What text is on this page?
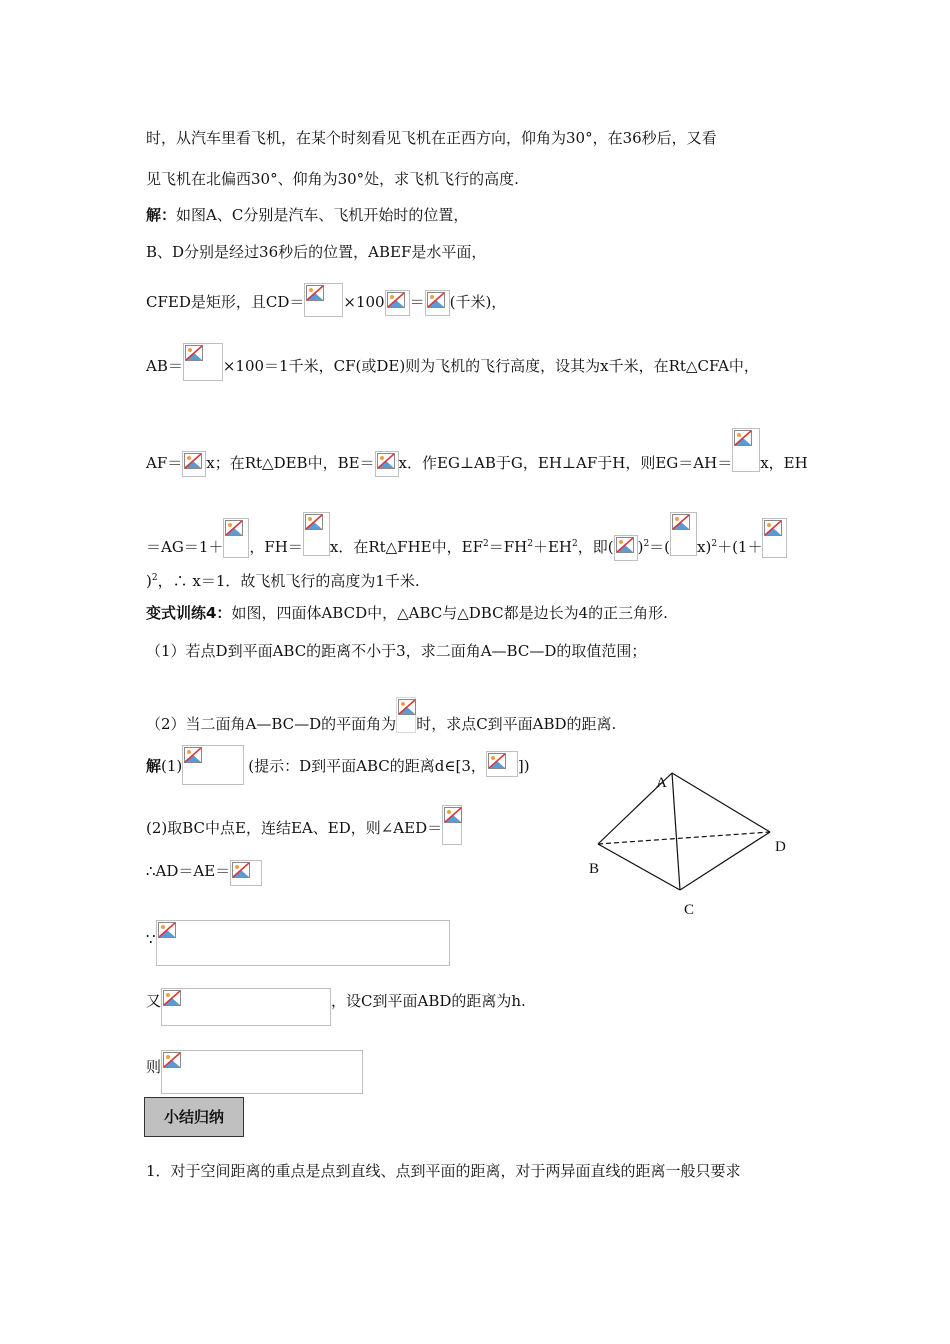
时，从汽车里看飞机，在某个时刻看见飞机在正西方向，仰角为30°，在36秒后，又看
见飞机在北偏西30°、仰角为30°处，求飞机飞行的高度.
解：如图A、C分别是汽车、飞机开始时的位置，
B、D分别是经过36秒后的位置，ABEF是水平面，
CFED是矩形，且CD＝	×100 ＝ (千米)，
AB＝	×100＝1千米，CF(或DE)则为飞机的飞行高度，设其为x千米，在Rt△CFA中，
AF＝ x；在Rt△DEB中，BE＝ x．作EG⊥AB于G，EH⊥AF于H，则EG＝AH＝ x，EH
＝AG＝1＋ ，FH＝ x．在Rt△FHE中，$EF^2=FH^2+EH^2$，即( )$^2$＝( x)$^2$＋(1＋
)$^2$，∴ x＝1．故飞机飞行的高度为1千米.
变式训练4：如图，四面体ABCD中，△ABC与△DBC都是边长为4的正三角形.
（1）若点D到平面ABC的距离不小于3，求二面角A—BC—D的取值范围；
（2）当二面角A—BC—D的平面角为 时，求点C到平面ABD的距离.
解(1)	(提示：D到平面ABC的距离d∈[3， ])
(2)取BC中点E，连结EA、ED，则∠AED＝
∴AD＝AE＝
∵
又	，设C到平面ABD的距离为h.
则
小结归纳
1．对于空间距离的重点是点到直线、点到平面的距离，对于两异面直线的距离一般只要求
A
B
C
D
